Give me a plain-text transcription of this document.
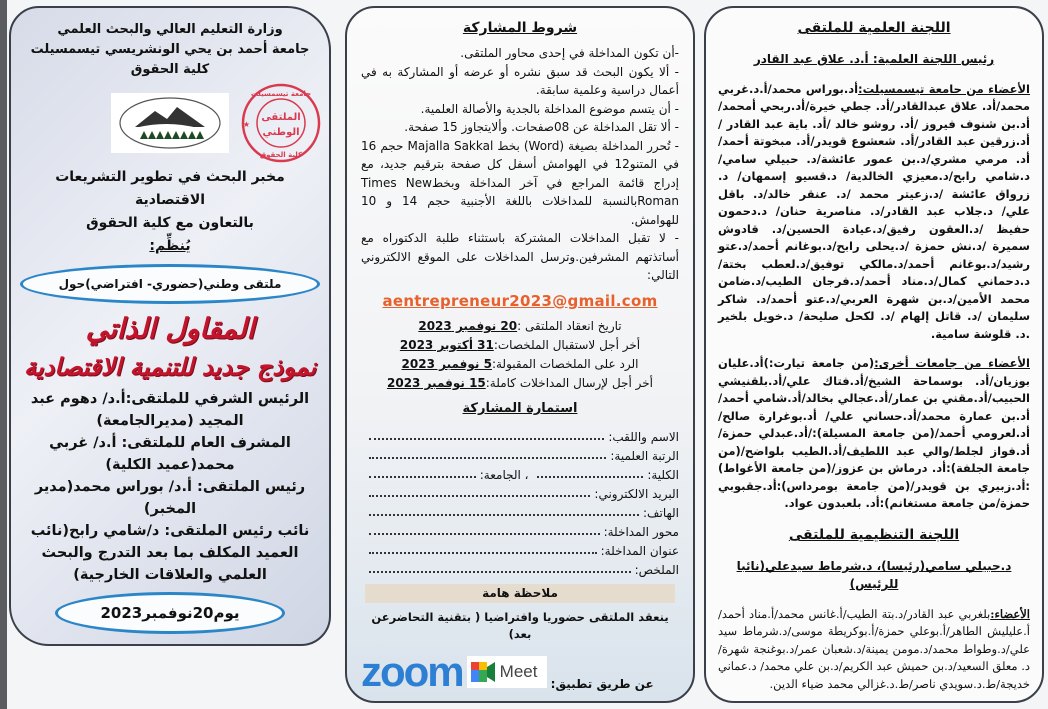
وزارة التعليم العالي والبحث العلمي
جامعة أحمد بن يحي الونشريسي تيسمسيلت
كلية الحقوق
جامعة تيسمسيلت
الملتقى
الوطني
كلية الحقوق
★
مخبر البحث في تطوير التشريعات الاقتصادية
بالتعاون مع كلية الحقوق
يُنظِّم:
ملتقى وطني(حضوري- افتراضي)حول
المقاول الذاتي
نموذج جديد للتنمية الاقتصادية
الرئيس الشرفي للملتقى:أ.د/ دهوم عبد المجيد (مديرالجامعة)
المشرف العام للملتقى: أ.د/ غربي محمد(عميد الكلية)
رئيس الملتقى: أ.د/ بوراس محمد(مدير المخبر)
نائب رئيس الملتقى: د/شامي رابح(نائب العميد المكلف بما بعد التدرج والبحث العلمي والعلاقات الخارجية)
يوم20نوفمبر2023
شروط المشاركة
-أن تكون المداخلة في إحدى محاور الملتقى.
- ألا يكون البحث قد سبق نشره أو عرضه أو المشاركة به في أعمال دراسية وعلمية سابقة.
- أن يتسم موضوع المداخلة بالجدية والأصالة العلمية.
- ألا تقل المداخلة عن 08صفحات. وألايتجاوز 15 صفحة.
- تُحرر المداخلة بصيغة (Word) بخط Majalla Sakkal حجم 16 في المتنو12 في الهوامش أسفل كل صفحة بترقيم جديد، مع إدراج قائمة المراجع في آخر المداخلة وبخطTimes New Romanبالنسبة للمداخلات باللغة الأجنبية حجم 14 و 10 للهوامش.
- لا تقبل المداخلات المشتركة باستثناء طلبة الدكتوراه مع أساتذتهم المشرفين.وترسل المداخلات على الموقع الالكتروني التالي:
aentrepreneur2023@gmail.com
تاريخ انعقاد الملتقى :20 نوفمبر 2023
أخر أجل لاستقبال الملخصات:31 أكتوبر 2023
الرد على الملخصات المقبولة:5 نوفمبر 2023
أخر أجل لإرسال المداخلات كاملة:15 نوفمبر 2023
استمارة المشاركة
الاسم واللقب:
الرتبة العلمية:
الكلية:
، الجامعة:
البريد الالكتروني:
الهاتف:
محور المداخلة:
عنوان المداخلة:
الملخص:
ملاحظة هامة
ينعقد الملتقى حضوريا وافتراضيا ( بتقنية التحاضرعن بعد)
zoom Meet
عن طريق تطبيق:
اللجنة العلمية للملتقى
رئيس اللجنة العلمية: أ.د. علاق عبد القادر
الأعضاء من جامعة تيسمسيلت:أد.بوراس محمد/أ.د.غربي محمد/أد. علاق عبدالقادر/أد. جطي خيرة/أد.ربحي أمحمد/أد.بن شنوف فيروز /أد. روشو خالد /أد. باية عبد القادر /أد.زرقين عبد القادر/أد. شعشوع قويدر/أد. مبخوتة أحمد/أد. مرمي مشري/د.بن عمور عائشة/د. حبيلي سامي/د.شامي رابح/د.معيزي الخالدية/ د.قسيو إسمهان/ د. زرواق عائشة /د.زعيتر محمد /د. عنقر خالد/د. باقل علي/ د.جلاب عبد القادر/د. مناصرية حنان/ د.دحمون حفيظ /د.العقون رفيق/د.عيادة الحسين/د. قادوش سميرة /د.نش حمزة /د.يحلى رابح/د.بوغانم أحمد/د.عتو رشيد/د.بوغانم أحمد/د.مالكي توفيق/د.لعطب بختة/د.دحماني كمال/د.مناد أحمد/د.فرجان الطيب/د.ضامن محمد الأمين/د.بن شهرة العربي/د.عتو أحمد/د. شاكر سليمان /د. قاتل إلهام /د. لكحل صليحة/ د.خويل بلخير .د. قلوشة سامية.
الأعضاء من جامعات أخرى:(من جامعة تيارت:)أد.عليان بوزيان/أد. بوسماحة الشيخ/أد.فتاك علي/أد.بلقنيشي الحبيب/أد.مقني بن عمار/أد.عجالي بخالد/أد.شامي أحمد/أد.بن عمارة محمد/أد.حساني علي/ أد.بوغرارة صالح/أد.لعرومي أحمد/(من جامعة المسيلة):/أد.عبدلي حمزة/أد.فواز لجلط/والي عبد اللطيف/أد.الطيب بلواضح/(من جامعة الجلفة):أد. درماش بن عزوز/(من جامعة الأغواط) :أد.زبيري بن قويدر/(من جامعة بومرداس):أد.جقبوبي حمزة/من جامعة مستغانم):أد. بلعبدون عواد.
اللجنة التنظيمية للملتقى
د.حبيلي سامي(رئيسا)، د.شرماط سيدعلي(نائبا للرئيس)
الأعضاء:بلغربي عبد القادر/د.بتة الطيب/أ.غانس محمد/أ.مناد أحمد/أ.عليليش الطاهر/أ.بوعلي حمزة/أ.بوكريطة موسى/د.شرماط سيد علي/د.وطواط محمد/د.مومن يمينة/د.شعبان عمر/د.بوغنجة شهرة/د. معلق السعيد/د.بن حميش عبد الكريم/د.بن علي محمد/ د.عماني خديجة/ط.د.سويدي ناصر/ط.د.غزالي محمد ضياء الدين.
